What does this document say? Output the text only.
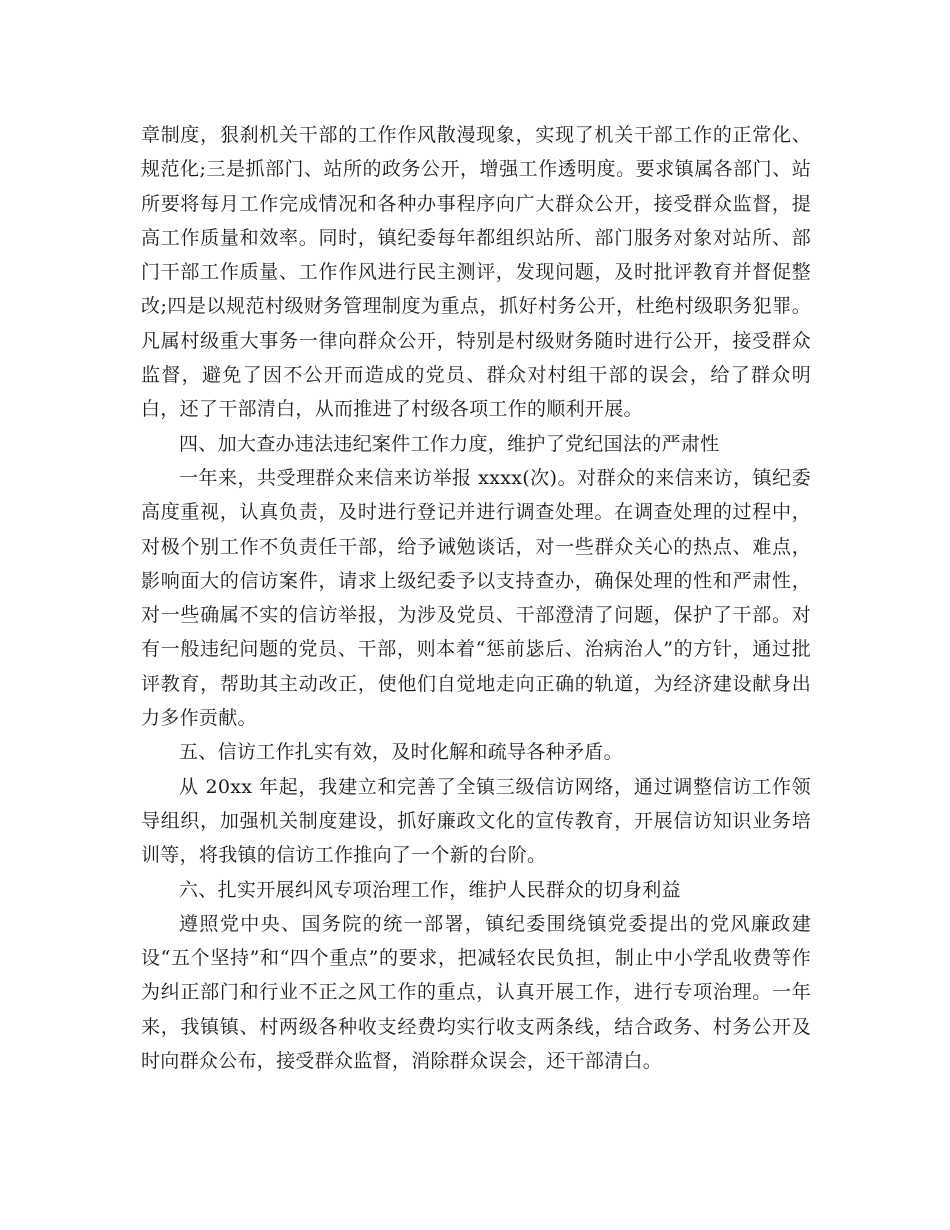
章制度，狠刹机关干部的工作作风散漫现象，实现了机关干部工作的正常化、规范化;三是抓部门、站所的政务公开，增强工作透明度。要求镇属各部门、站所要将每月工作完成情况和各种办事程序向广大群众公开，接受群众监督，提高工作质量和效率。同时，镇纪委每年都组织站所、部门服务对象对站所、部门干部工作质量、工作作风进行民主测评，发现问题，及时批评教育并督促整改;四是以规范村级财务管理制度为重点，抓好村务公开，杜绝村级职务犯罪。凡属村级重大事务一律向群众公开，特别是村级财务随时进行公开，接受群众监督，避免了因不公开而造成的党员、群众对村组干部的误会，给了群众明白，还了干部清白，从而推进了村级各项工作的顺利开展。

四、加大查办违法违纪案件工作力度，维护了党纪国法的严肃性

一年来，共受理群众来信来访举报 xxxx(次)。对群众的来信来访，镇纪委高度重视，认真负责，及时进行登记并进行调查处理。在调查处理的过程中，对极个别工作不负责任干部，给予诫勉谈话，对一些群众关心的热点、难点，影响面大的信访案件，请求上级纪委予以支持查办，确保处理的性和严肃性，对一些确属不实的信访举报，为涉及党员、干部澄清了问题，保护了干部。对有一般违纪问题的党员、干部，则本着“惩前毖后、治病治人”的方针，通过批评教育，帮助其主动改正，使他们自觉地走向正确的轨道，为经济建设献身出力多作贡献。

五、信访工作扎实有效，及时化解和疏导各种矛盾。

从 20xx 年起，我建立和完善了全镇三级信访网络，通过调整信访工作领导组织，加强机关制度建设，抓好廉政文化的宣传教育，开展信访知识业务培训等，将我镇的信访工作推向了一个新的台阶。

六、扎实开展纠风专项治理工作，维护人民群众的切身利益

遵照党中央、国务院的统一部署，镇纪委围绕镇党委提出的党风廉政建设“五个坚持”和“四个重点”的要求，把减轻农民负担，制止中小学乱收费等作为纠正部门和行业不正之风工作的重点，认真开展工作，进行专项治理。一年来，我镇镇、村两级各种收支经费均实行收支两条线，结合政务、村务公开及时向群众公布，接受群众监督，消除群众误会，还干部清白。
